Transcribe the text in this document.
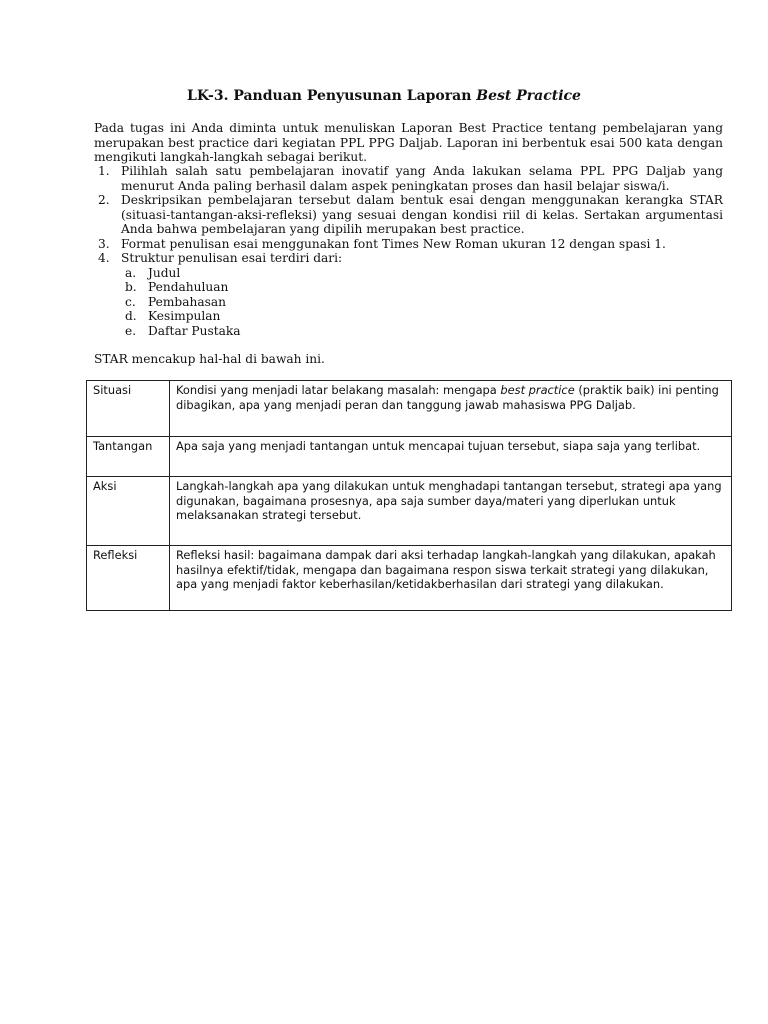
LK-3. Panduan Penyusunan Laporan Best Practice

Pada tugas ini Anda diminta untuk menuliskan Laporan Best Practice tentang pembelajaran yang merupakan best practice dari kegiatan PPL PPG Daljab. Laporan ini berbentuk esai 500 kata dengan mengikuti langkah-langkah sebagai berikut.

1. Pilihlah salah satu pembelajaran inovatif yang Anda lakukan selama PPL PPG Daljab yang menurut Anda paling berhasil dalam aspek peningkatan proses dan hasil belajar siswa/i.
2. Deskripsikan pembelajaran tersebut dalam bentuk esai dengan menggunakan kerangka STAR (situasi-tantangan-aksi-refleksi) yang sesuai dengan kondisi riil di kelas. Sertakan argumentasi Anda bahwa pembelajaran yang dipilih merupakan best practice.
3. Format penulisan esai menggunakan font Times New Roman ukuran 12 dengan spasi 1.
4. Struktur penulisan esai terdiri dari:
a. Judul
b. Pendahuluan
c. Pembahasan
d. Kesimpulan
e. Daftar Pustaka
STAR mencakup hal-hal di bawah ini.
Situasi	Kondisi yang menjadi latar belakang masalah: mengapa best practice (praktik baik) ini penting dibagikan, apa yang menjadi peran dan tanggung jawab mahasiswa PPG Daljab.
Tantangan	Apa saja yang menjadi tantangan untuk mencapai tujuan tersebut, siapa saja yang terlibat.
Aksi	Langkah-langkah apa yang dilakukan untuk menghadapi tantangan tersebut, strategi apa yang digunakan, bagaimana prosesnya, apa saja sumber daya/materi yang diperlukan untuk melaksanakan strategi tersebut.
Refleksi	Refleksi hasil: bagaimana dampak dari aksi terhadap langkah-langkah yang dilakukan, apakah hasilnya efektif/tidak, mengapa dan bagaimana respon siswa terkait strategi yang dilakukan, apa yang menjadi faktor keberhasilan/ketidakberhasilan dari strategi yang dilakukan.
